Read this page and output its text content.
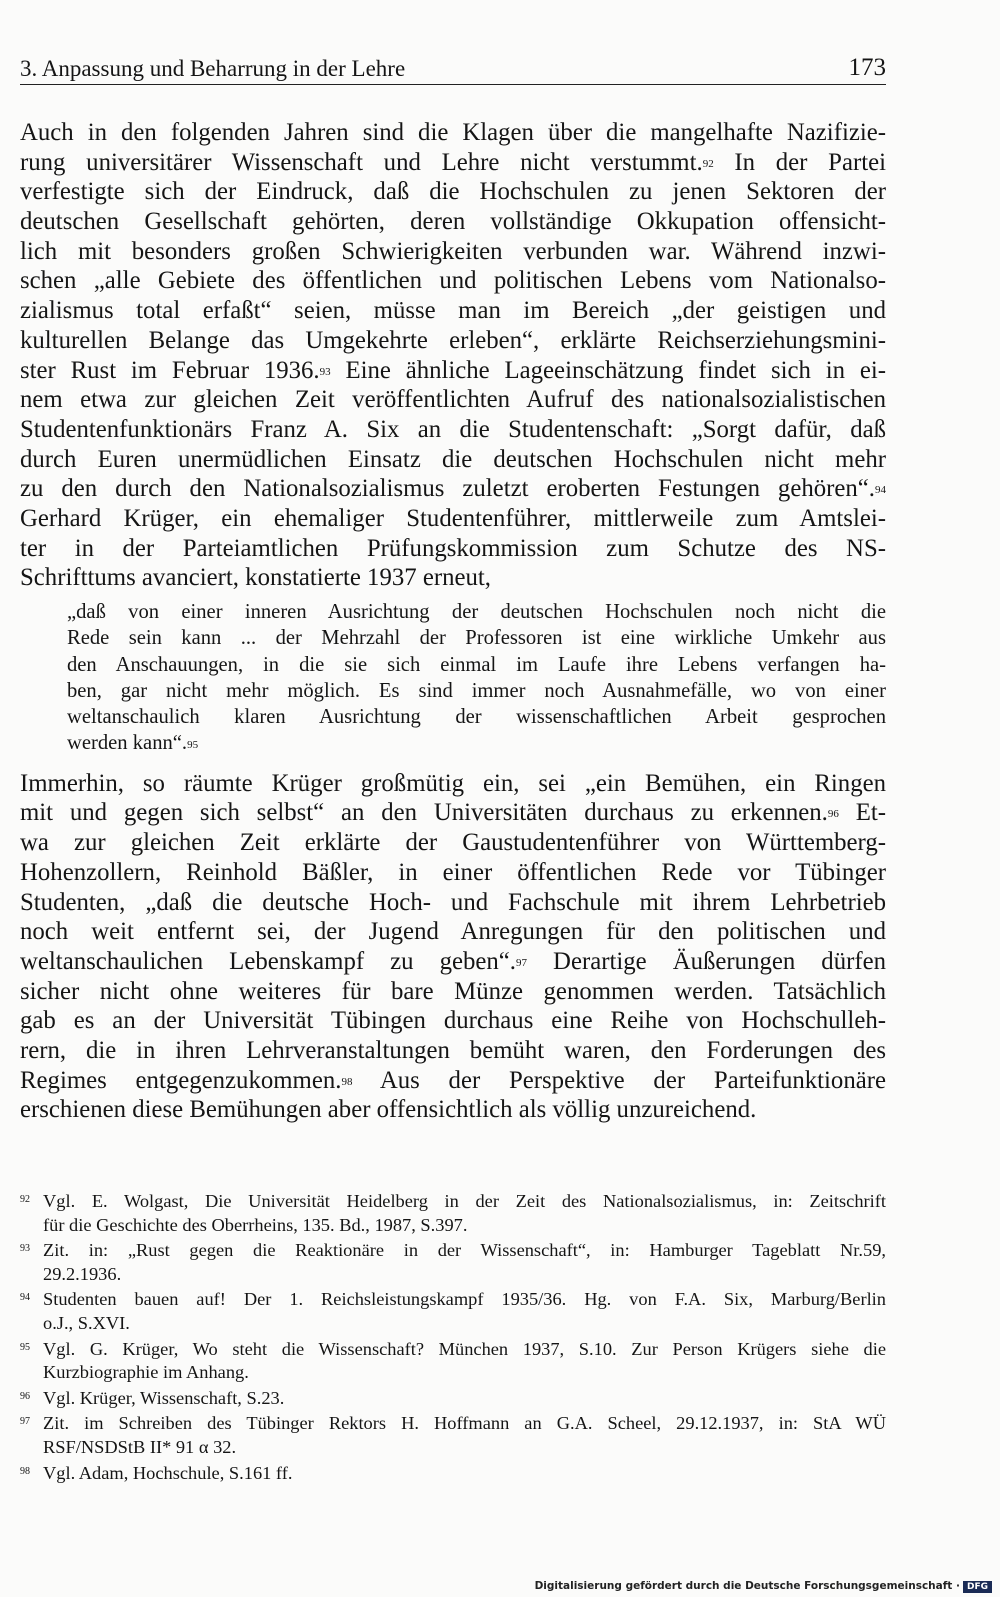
3. Anpassung und Beharrung in der Lehre	173

Auch in den folgenden Jahren sind die Klagen über die mangelhafte Nazifizie-
rung universitärer Wissenschaft und Lehre nicht verstummt.$^{92}$ In der Partei
verfestigte sich der Eindruck, daß die Hochschulen zu jenen Sektoren der
deutschen Gesellschaft gehörten, deren vollständige Okkupation offensicht-
lich mit besonders großen Schwierigkeiten verbunden war. Während inzwi-
schen „alle Gebiete des öffentlichen und politischen Lebens vom Nationalso-
zialismus total erfaßt“ seien, müsse man im Bereich „der geistigen und
kulturellen Belange das Umgekehrte erleben“, erklärte Reichserziehungsmini-
ster Rust im Februar 1936.93 Eine ähnliche Lageeinschätzung findet sich in ei-
nem etwa zur gleichen Zeit veröffentlichten Aufruf des nationalsozialistischen
Studentenfunktionärs Franz A. Six an die Studentenschaft: „Sorgt dafür, daß
durch Euren unermüdlichen Einsatz die deutschen Hochschulen nicht mehr
zu den durch den Nationalsozialismus zuletzt eroberten Festungen gehören“.$^{94}$
Gerhard Krüger, ein ehemaliger Studentenführer, mittlerweile zum Amtslei-
ter in der Parteiamtlichen Prüfungskommission zum Schutze des NS-
Schrifttums avanciert, konstatierte 1937 erneut,

„daß von einer inneren Ausrichtung der deutschen Hochschulen noch nicht die
Rede sein kann ... der Mehrzahl der Professoren ist eine wirkliche Umkehr aus
den Anschauungen, in die sie sich einmal im Laufe ihre Lebens verfangen ha-
ben, gar nicht mehr möglich. Es sind immer noch Ausnahmefälle, wo von einer
weltanschaulich klaren Ausrichtung der wissenschaftlichen Arbeit gesprochen
werden kann“.$^{95}$

Immerhin, so räumte Krüger großmütig ein, sei „ein Bemühen, ein Ringen
mit und gegen sich selbst“ an den Universitäten durchaus zu erkennen.$^{96}$ Et-
wa zur gleichen Zeit erklärte der Gaustudentenführer von Württemberg-
Hohenzollern, Reinhold Bäßler, in einer öffentlichen Rede vor Tübinger
Studenten, „daß die deutsche Hoch- und Fachschule mit ihrem Lehrbetrieb
noch weit entfernt sei, der Jugend Anregungen für den politischen und
weltanschaulichen Lebenskampf zu geben“.$^{97}$ Derartige Äußerungen dürfen
sicher nicht ohne weiteres für bare Münze genommen werden. Tatsächlich
gab es an der Universität Tübingen durchaus eine Reihe von Hochschulleh-
rern, die in ihren Lehrveranstaltungen bemüht waren, den Forderungen des
Regimes entgegenzukommen.$^{98}$ Aus der Perspektive der Parteifunktionäre
erschienen diese Bemühungen aber offensichtlich als völlig unzureichend.

92 Vgl. E. Wolgast, Die Universität Heidelberg in der Zeit des Nationalsozialismus, in: Zeitschrift
für die Geschichte des Oberrheins, 135. Bd., 1987, S.397.
93 Zit. in: „Rust gegen die Reaktionäre in der Wissenschaft“, in: Hamburger Tageblatt Nr.59,
29.2.1936.
94 Studenten bauen auf! Der 1. Reichsleistungskampf 1935/36. Hg. von F.A. Six, Marburg/Berlin
o.J., S.XVI.
95 Vgl. G. Krüger, Wo steht die Wissenschaft? München 1937, S.10. Zur Person Krügers siehe die
Kurzbiographie im Anhang.
96 Vgl. Krüger, Wissenschaft, S.23.
97 Zit. im Schreiben des Tübinger Rektors H. Hoffmann an G.A. Scheel, 29.12.1937, in: StA WÜ
RSF/NSDStB II* 91 α 32.
98 Vgl. Adam, Hochschule, S.161 ff.
Digitalisierung gefördert durch die Deutsche Forschungsgemeinschaft · DFG
